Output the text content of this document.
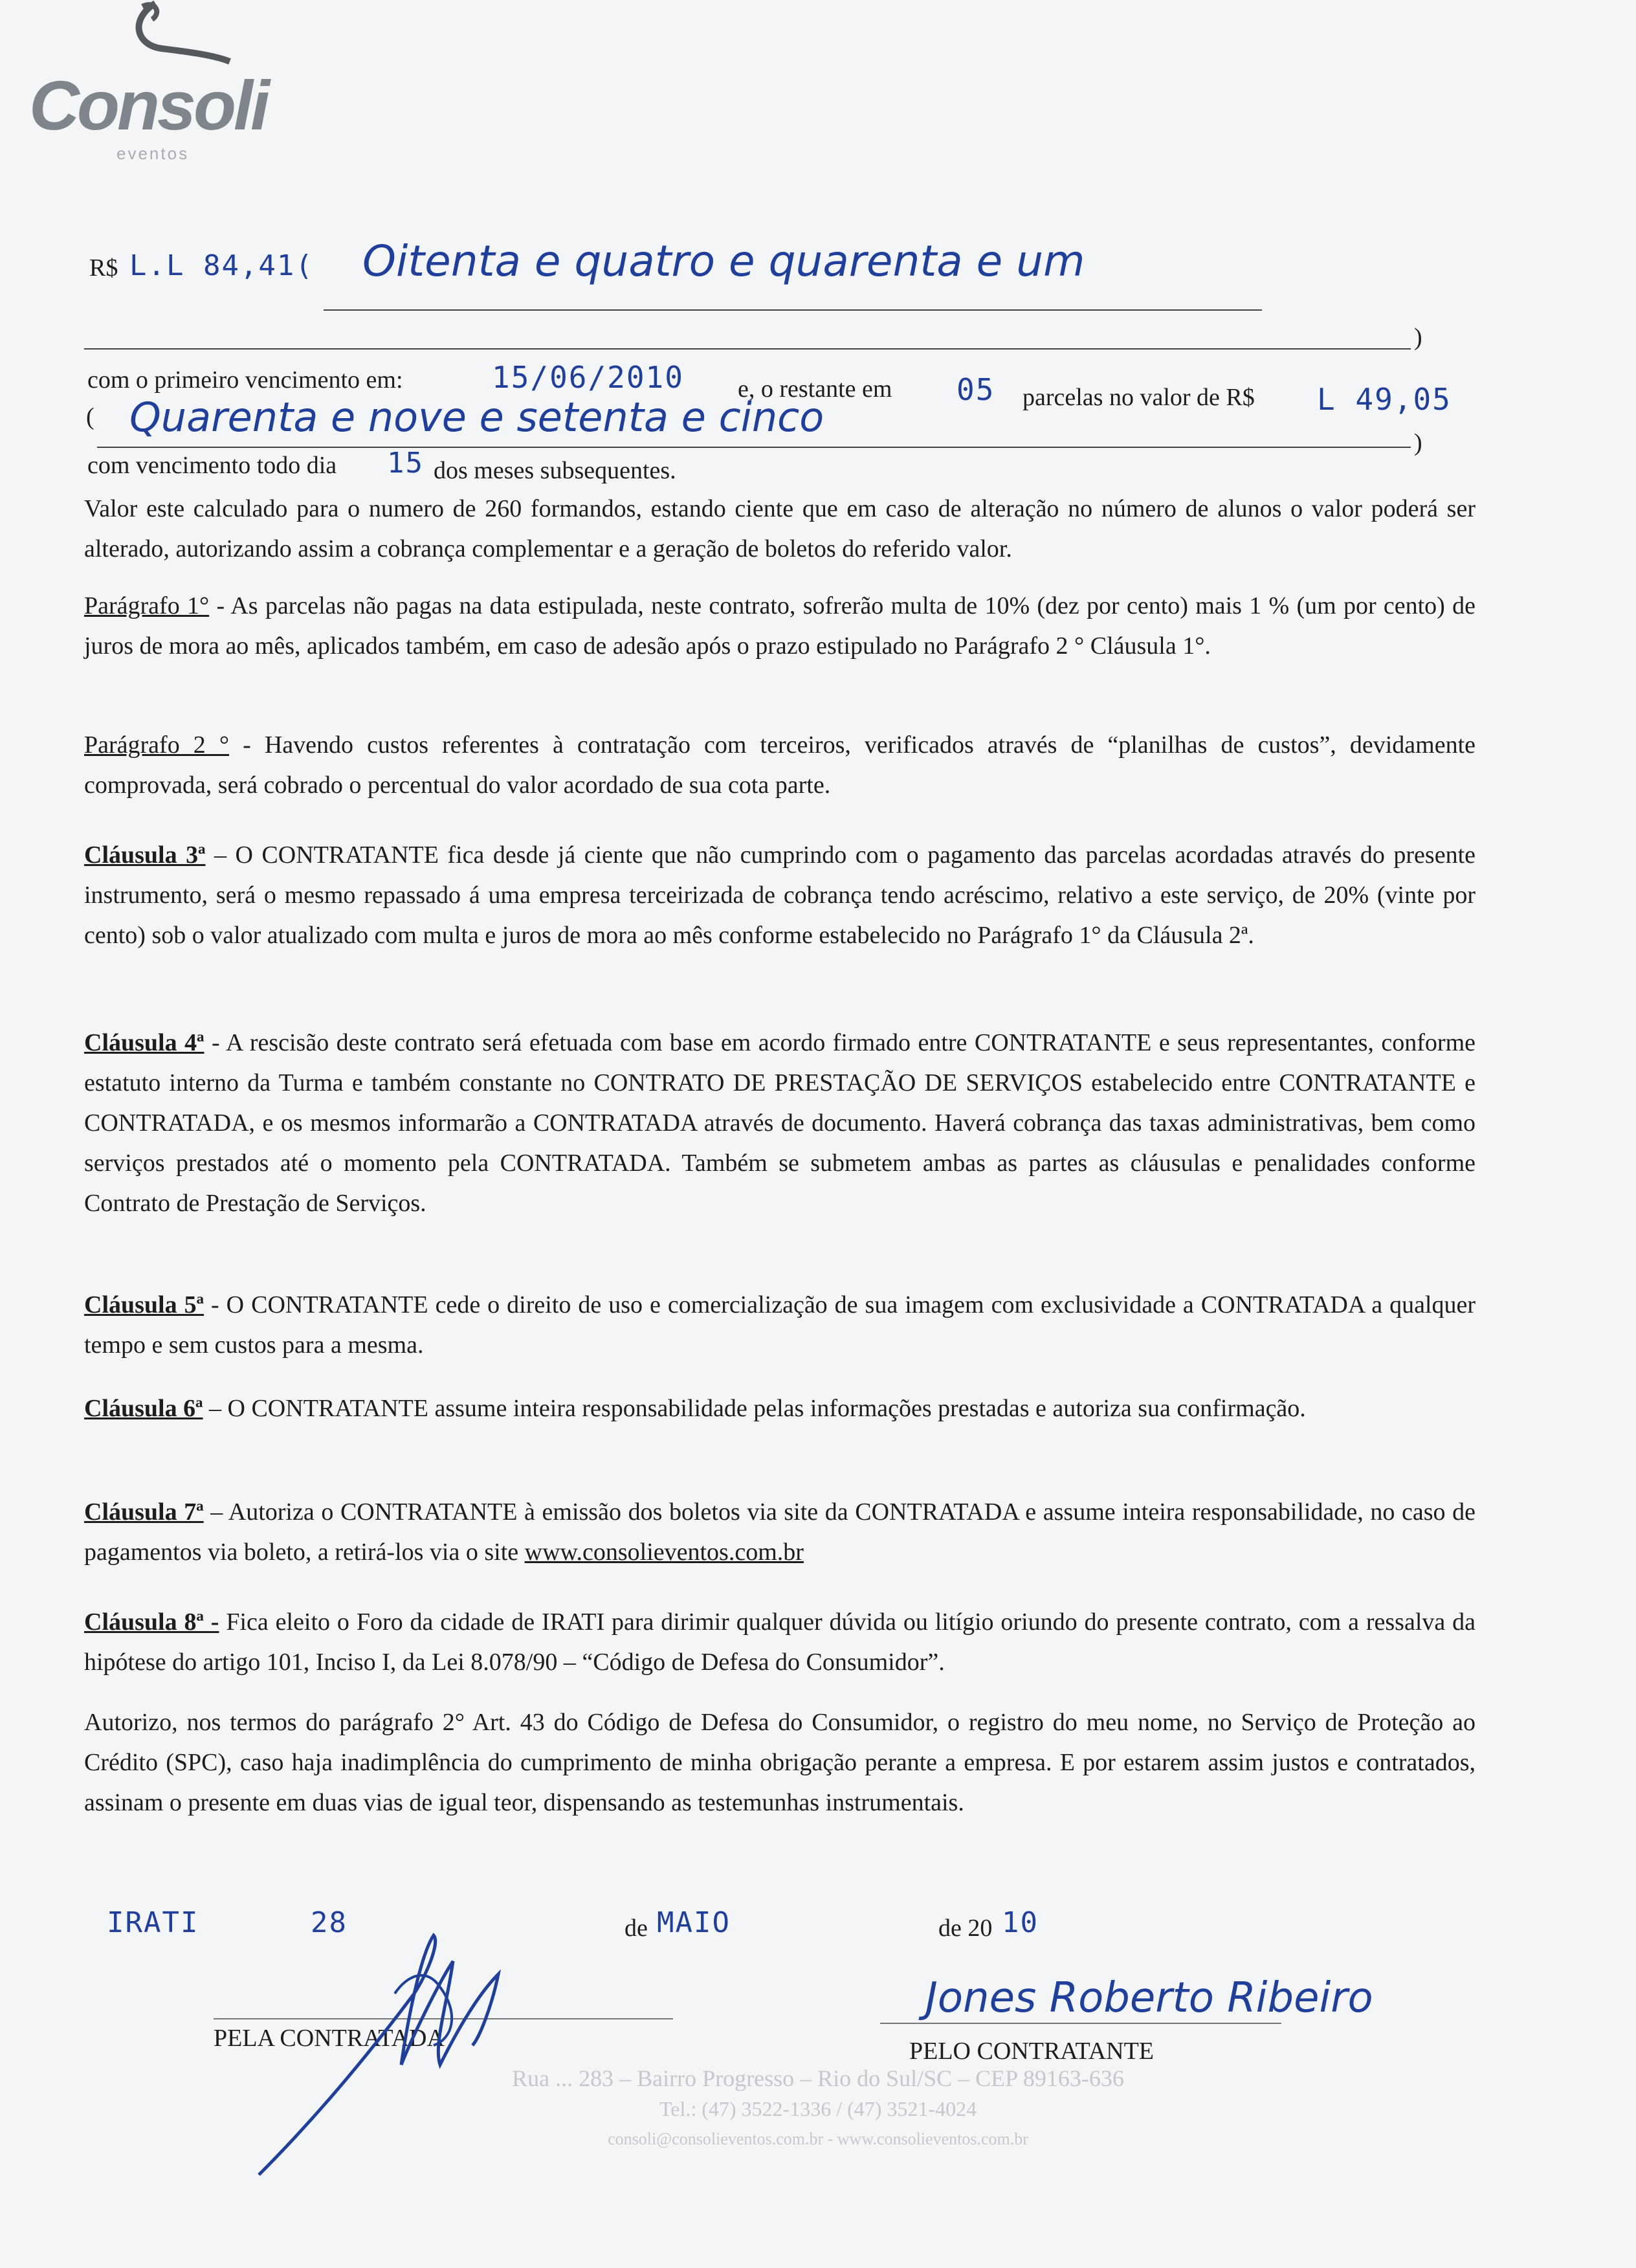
Consoli
eventos
R$ L.L 84,41( Oitenta e quatro e quarenta e um
)
com o primeiro vencimento em:	15/06/2010 e, o restante em 05 parcelas no valor de R$ L 49,05
( Quarenta e nove e setenta e cinco
)
com vencimento todo dia 15 dos meses subsequentes.
Valor este calculado para o numero de 260 formandos, estando ciente que em caso de alteração no número de alunos o valor poderá ser alterado, autorizando assim a cobrança complementar e a geração de boletos do referido valor.
Parágrafo 1° - As parcelas não pagas na data estipulada, neste contrato, sofrerão multa de 10% (dez por cento) mais 1 % (um por cento) de juros de mora ao mês, aplicados também, em caso de adesão após o prazo estipulado no Parágrafo 2 ° Cláusula 1°.
Parágrafo 2 ° - Havendo custos referentes à contratação com terceiros, verificados através de “planilhas de custos”, devidamente comprovada, será cobrado o percentual do valor acordado de sua cota parte.
Cláusula 3ª – O CONTRATANTE fica desde já ciente que não cumprindo com o pagamento das parcelas acordadas através do presente instrumento, será o mesmo repassado á uma empresa terceirizada de cobrança tendo acréscimo, relativo a este serviço, de 20% (vinte por cento) sob o valor atualizado com multa e juros de mora ao mês conforme estabelecido no Parágrafo 1° da Cláusula 2ª.
Cláusula 4ª - A rescisão deste contrato será efetuada com base em acordo firmado entre CONTRATANTE e seus representantes, conforme estatuto interno da Turma e também constante no CONTRATO DE PRESTAÇÃO DE SERVIÇOS estabelecido entre CONTRATANTE e CONTRATADA, e os mesmos informarão a CONTRATADA através de documento. Haverá cobrança das taxas administrativas, bem como serviços prestados até o momento pela CONTRATADA. Também se submetem ambas as partes as cláusulas e penalidades conforme Contrato de Prestação de Serviços.
Cláusula 5ª - O CONTRATANTE cede o direito de uso e comercialização de sua imagem com exclusividade a CONTRATADA a qualquer tempo e sem custos para a mesma.
Cláusula 6ª – O CONTRATANTE assume inteira responsabilidade pelas informações prestadas e autoriza sua confirmação.
Cláusula 7ª – Autoriza o CONTRATANTE à emissão dos boletos via site da CONTRATADA e assume inteira responsabilidade, no caso de pagamentos via boleto, a retirá-los via o site www.consolieventos.com.br
Cláusula 8ª - Fica eleito o Foro da cidade de IRATI para dirimir qualquer dúvida ou litígio oriundo do presente contrato, com a ressalva da hipótese do artigo 101, Inciso I, da Lei 8.078/90 – “Código de Defesa do Consumidor”.
Autorizo, nos termos do parágrafo 2° Art. 43 do Código de Defesa do Consumidor, o registro do meu nome, no Serviço de Proteção ao Crédito (SPC), caso haja inadimplência do cumprimento de minha obrigação perante a empresa. E por estarem assim justos e contratados, assinam o presente em duas vias de igual teor, dispensando as testemunhas instrumentais.
IRATI	28	de MAIO	de 20 10
PELA CONTRATADA	PELO CONTRATANTE
Jones Roberto Ribeiro
Rua ... 283 – Bairro Progresso – Rio do Sul/SC – CEP 89163-636
Tel.: (47) 3522-1336 / (47) 3521-4024
consoli@consolieventos.com.br - www.consolieventos.com.br
